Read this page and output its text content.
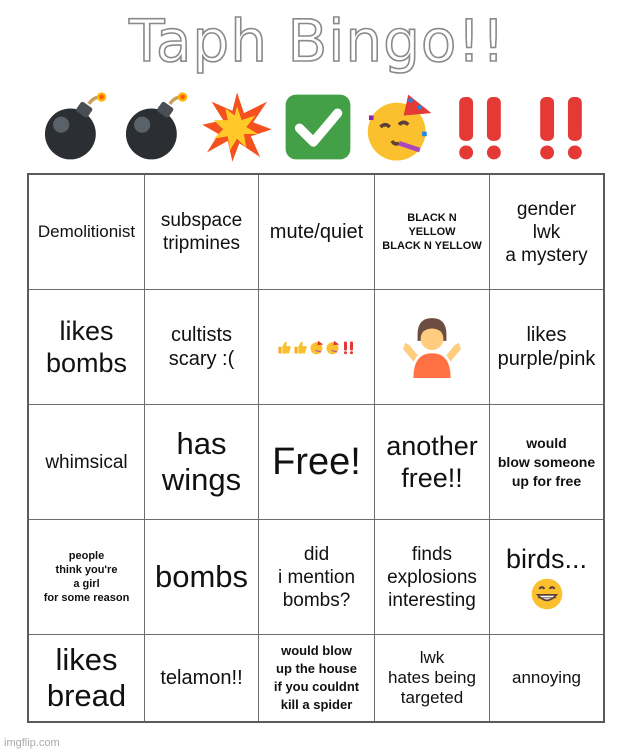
Taph Bingo!!
Demolitionist
subspace
tripmines
mute/quiet
BLACK N
YELLOW
BLACK N YELLOW
gender
lwk
a mystery
likes
bombs
cultists
scary :(
likes
purple/pink
whimsical
has
wings Free! another
free!!
would
blow someone
up for free
people
think you're
a girl
for some reason
bombs
did
i mention
bombs?
finds
explosions
interesting
birds...
likes
bread	telamon!!
would blow
up the house
if you couldnt
kill a spider
lwk
hates being
targeted
annoying
imgflip.com
